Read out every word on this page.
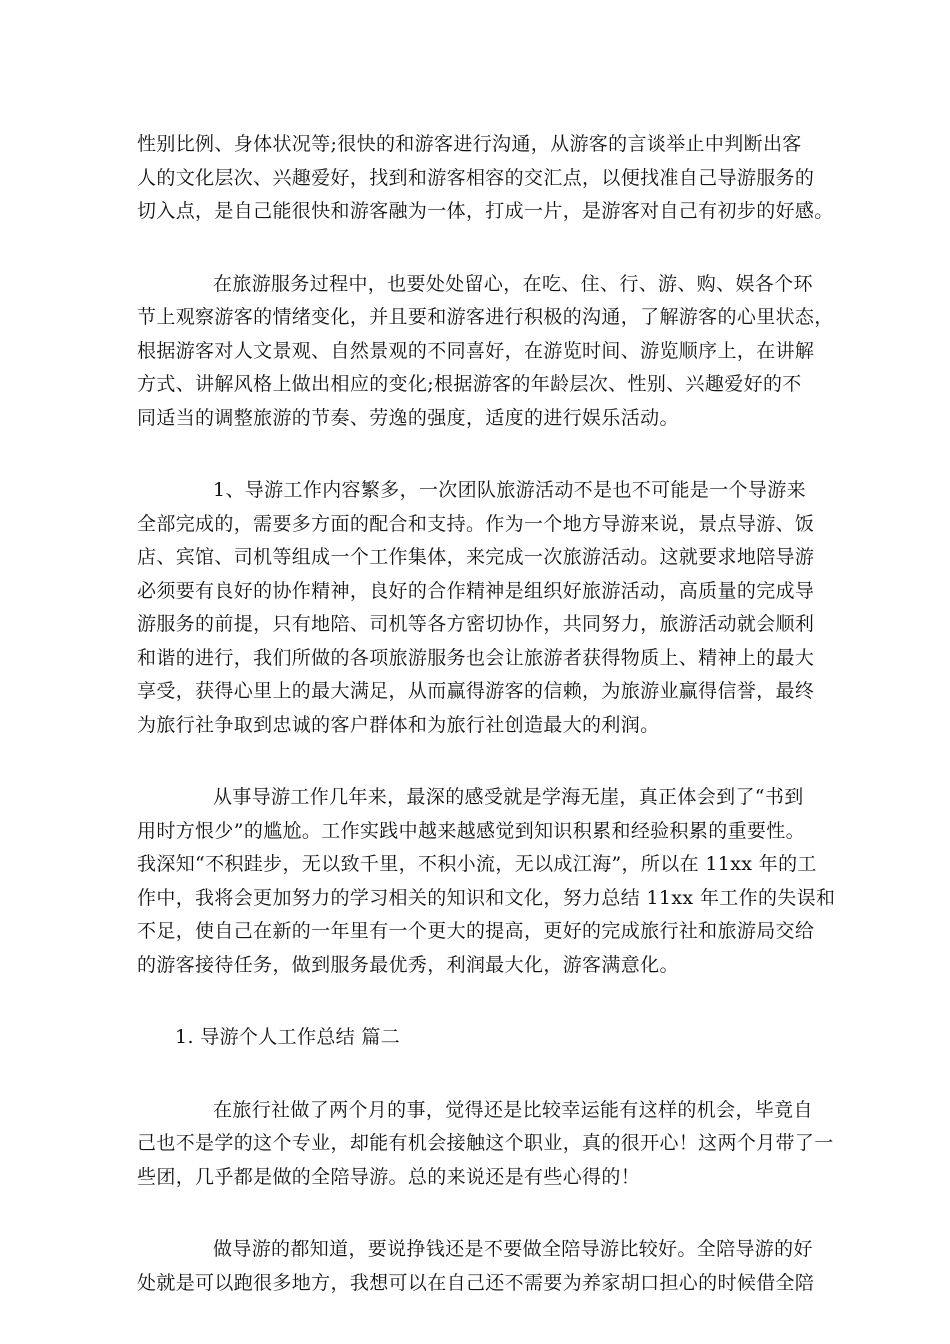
性别比例、身体状况等;很快的和游客进行沟通，从游客的言谈举止中判断出客
人的文化层次、兴趣爱好，找到和游客相容的交汇点，以便找准自己导游服务的
切入点，是自己能很快和游客融为一体，打成一片，是游客对自己有初步的好感。
在旅游服务过程中，也要处处留心，在吃、住、行、游、购、娱各个环
节上观察游客的情绪变化，并且要和游客进行积极的沟通，了解游客的心里状态，
根据游客对人文景观、自然景观的不同喜好，在游览时间、游览顺序上，在讲解
方式、讲解风格上做出相应的变化;根据游客的年龄层次、性别、兴趣爱好的不
同适当的调整旅游的节奏、劳逸的强度，适度的进行娱乐活动。
1、导游工作内容繁多，一次团队旅游活动不是也不可能是一个导游来
全部完成的，需要多方面的配合和支持。作为一个地方导游来说，景点导游、饭
店、宾馆、司机等组成一个工作集体，来完成一次旅游活动。这就要求地陪导游
必须要有良好的协作精神，良好的合作精神是组织好旅游活动，高质量的完成导
游服务的前提，只有地陪、司机等各方密切协作，共同努力，旅游活动就会顺利
和谐的进行，我们所做的各项旅游服务也会让旅游者获得物质上、精神上的最大
享受，获得心里上的最大满足，从而赢得游客的信赖，为旅游业赢得信誉，最终
为旅行社争取到忠诚的客户群体和为旅行社创造最大的利润。
从事导游工作几年来，最深的感受就是学海无崖，真正体会到了“书到
用时方恨少”的尴尬。工作实践中越来越感觉到知识积累和经验积累的重要性。
我深知“不积跬步，无以致千里，不积小流，无以成江海”，所以在 11xx 年的工
作中，我将会更加努力的学习相关的知识和文化，努力总结 11xx 年工作的失误和
不足，使自己在新的一年里有一个更大的提高，更好的完成旅行社和旅游局交给
的游客接待任务，做到服务最优秀，利润最大化，游客满意化。
1. 导游个人工作总结 篇二
在旅行社做了两个月的事，觉得还是比较幸运能有这样的机会，毕竟自
己也不是学的这个专业，却能有机会接触这个职业，真的很开心！这两个月带了一
些团，几乎都是做的全陪导游。总的来说还是有些心得的！
做导游的都知道，要说挣钱还是不要做全陪导游比较好。全陪导游的好
处就是可以跑很多地方，我想可以在自己还不需要为养家胡口担心的时候借全陪
